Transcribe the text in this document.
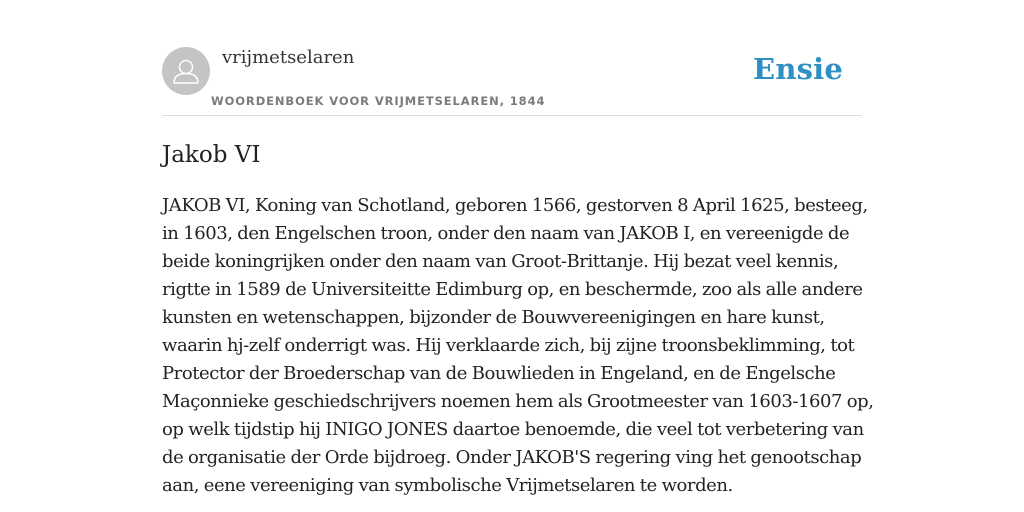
vrijmetselaren
WOORDENBOEK VOOR VRIJMETSELAREN, 1844
Ensie
Jakob VI
JAKOB VI, Koning van Schotland, geboren 1566, gestorven 8 April 1625, besteeg,
in 1603, den Engelschen troon, onder den naam van JAKOB I, en vereenigde de
beide koningrijken onder den naam van Groot-Brittanje. Hij bezat veel kennis,
rigtte in 1589 de Universiteitte Edimburg op, en beschermde, zoo als alle andere
kunsten en wetenschappen, bijzonder de Bouwvereenigingen en hare kunst,
waarin hj-zelf onderrigt was. Hij verklaarde zich, bij zijne troonsbeklimming, tot
Protector der Broederschap van de Bouwlieden in Engeland, en de Engelsche
Maçonnieke geschiedschrijvers noemen hem als Grootmeester van 1603-1607 op,
op welk tijdstip hij INIGO JONES daartoe benoemde, die veel tot verbetering van
de organisatie der Orde bijdroeg. Onder JAKOB'S regering ving het genootschap
aan, eene vereeniging van symbolische Vrijmetselaren te worden.
